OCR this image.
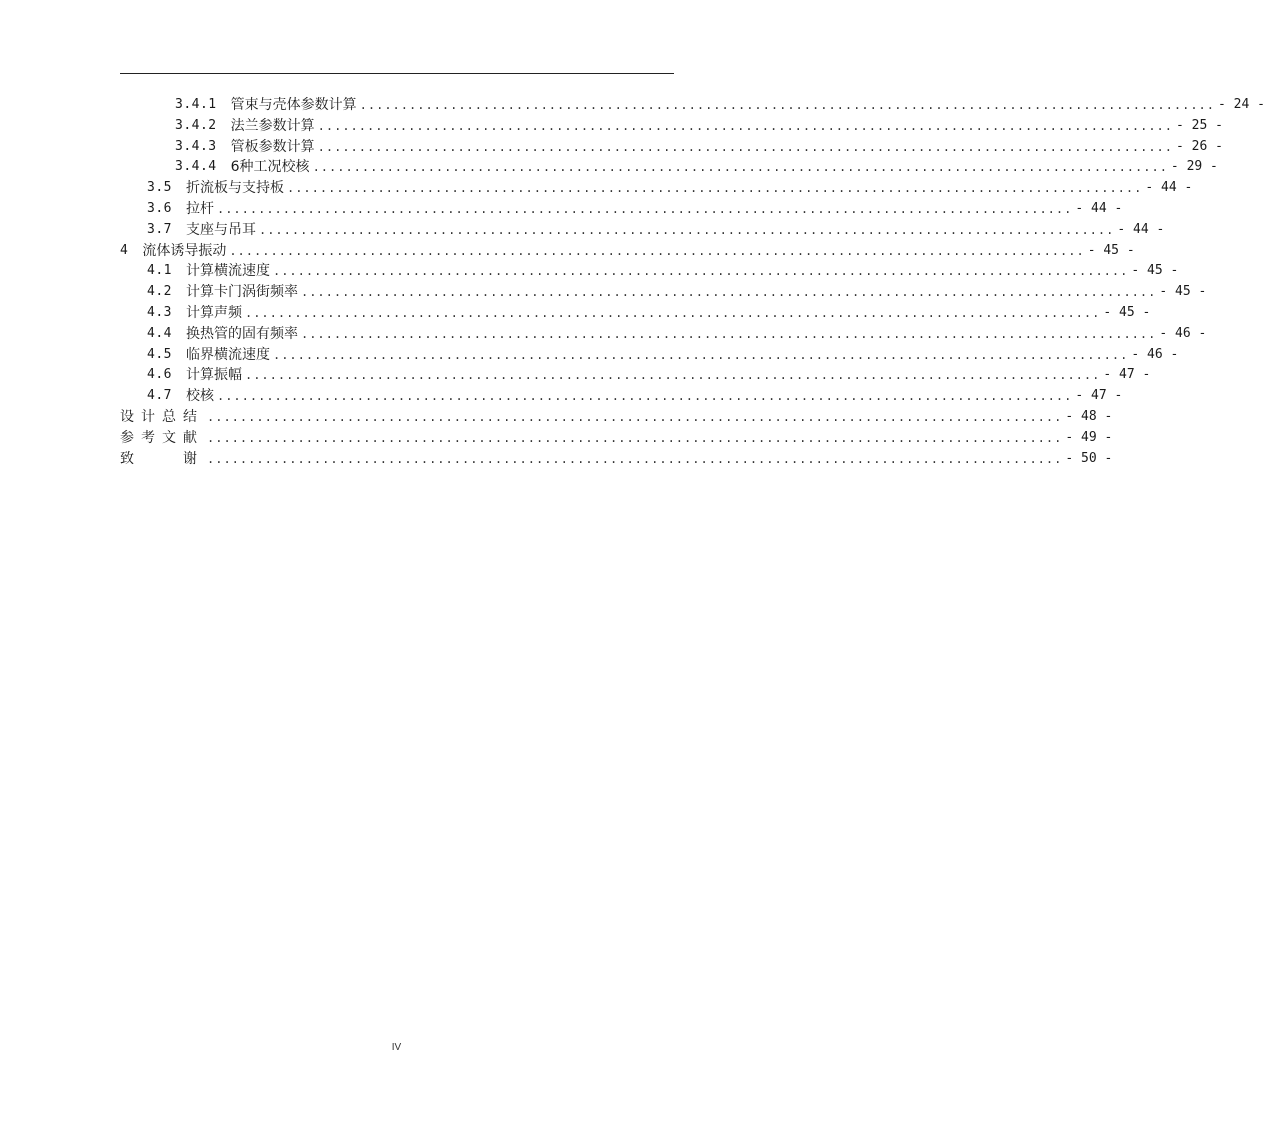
3.4.1 管束与壳体参数计算 ........................................................................................................ - 24 -
3.4.2 法兰参数计算 ........................................................................................................ - 25 -
3.4.3 管板参数计算 ........................................................................................................ - 26 -
3.4.4 6种工况校核 ........................................................................................................ - 29 -
3.5 折流板与支持板 ........................................................................................................ - 44 -
3.6 拉杆 ........................................................................................................ - 44 -
3.7 支座与吊耳 ........................................................................................................ - 44 -
4 流体诱导振动 ........................................................................................................ - 45 -
4.1 计算横流速度 ........................................................................................................ - 45 -
4.2 计算卡门涡街频率 ........................................................................................................ - 45 -
4.3 计算声频 ........................................................................................................ - 45 -
4.4 换热管的固有频率 ........................................................................................................ - 46 -
4.5 临界横流速度 ........................................................................................................ - 46 -
4.6 计算振幅 ........................................................................................................ - 47 -
4.7 校核 ........................................................................................................ - 47 -
设计总结 ........................................................................................................ - 48 -
参考文献 ........................................................................................................ - 49 -
致　　谢 ........................................................................................................ - 50 -
IV
